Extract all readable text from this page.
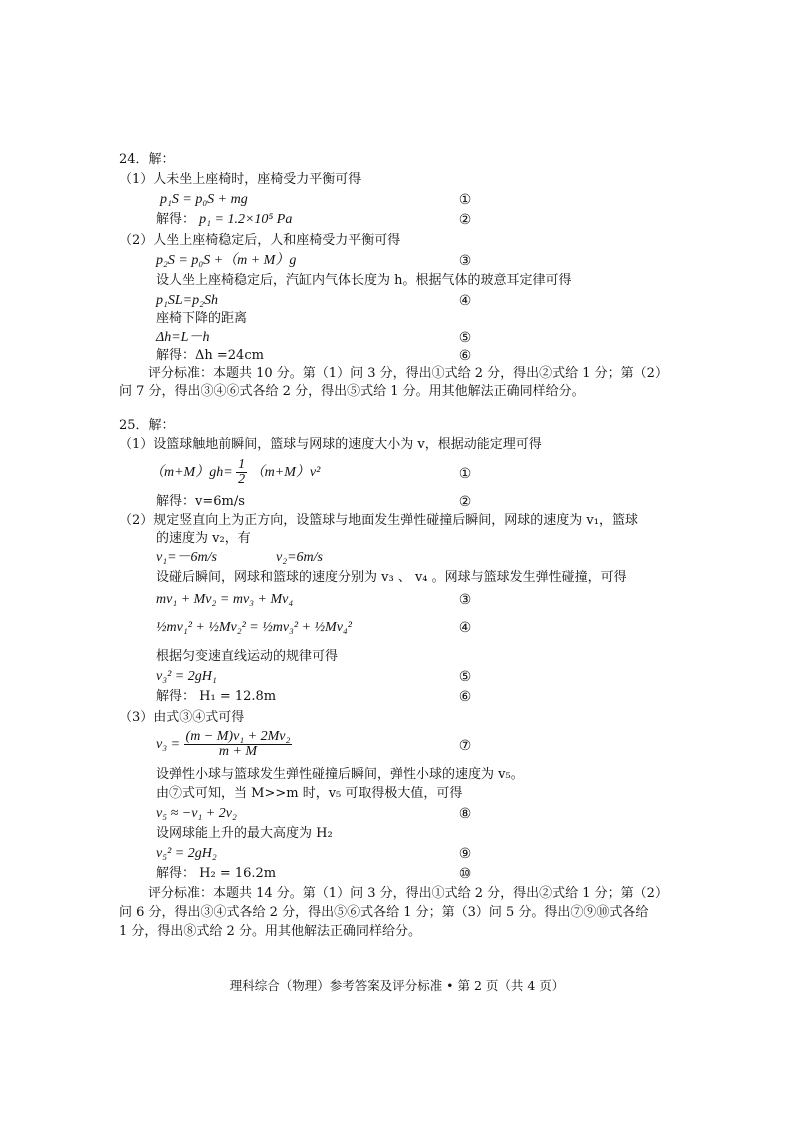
24．解：
（1）人未坐上座椅时，座椅受力平衡可得
p₁S = p₀S + mg	①
解得： p₁ = 1.2×10⁵ Pa	②
（2）人坐上座椅稳定后，人和座椅受力平衡可得
p₂S = p₀S +（m + M）g	③
设人坐上座椅稳定后，汽缸内气体长度为 h。根据气体的玻意耳定律可得
p₁SL=p₂Sh	④
座椅下降的距离
Δh=L－h	⑤
解得：Δh =24cm	⑥
评分标准：本题共 10 分。第（1）问 3 分，得出①式给 2 分，得出②式给 1 分；第（2）
问 7 分，得出③④⑥式各给 2 分，得出⑤式给 1 分。用其他解法正确同样给分。
25．解：
（1）设篮球触地前瞬间，篮球与网球的速度大小为 v，根据动能定理可得
$(m+M)gh= \frac{1}{2} (m+M)v^2$	①
解得：v=6m/s	②
（2）规定竖直向上为正方向，设篮球与地面发生弹性碰撞后瞬间，网球的速度为 v₁，篮球
的速度为 v₂，有
v₁=－6m/s	v₂=6m/s
设碰后瞬间，网球和篮球的速度分别为 v₃ 、 v₄ 。网球与篮球发生弹性碰撞，可得
mv₁ + Mv₂ = mv₃ + Mv₄	③
½mv₁² + ½Mv₂² = ½mv₃² + ½Mv₄²	④
根据匀变速直线运动的规律可得
v₃² = 2gH₁	⑤
解得： H₁ = 12.8m	⑥
（3）由式③④式可得
$v_3 = \frac{\text{(m − M)v₁ + 2Mv₂}}{m + M}$	⑦
设弹性小球与篮球发生弹性碰撞后瞬间，弹性小球的速度为 v₅。
由⑦式可知，当 M>>m 时，v₅ 可取得极大值，可得
v₅ ≈ −v₁ + 2v₂	⑧
设网球能上升的最大高度为 H₂
v₅² = 2gH₂	⑨
解得： H₂ = 16.2m	⑩
评分标准：本题共 14 分。第（1）问 3 分，得出①式给 2 分，得出②式给 1 分；第（2）
问 6 分，得出③④式各给 2 分，得出⑤⑥式各给 1 分；第（3）问 5 分。得出⑦⑨⑩式各给
1 分，得出⑧式给 2 分。用其他解法正确同样给分。
理科综合（物理）参考答案及评分标准 • 第 2 页（共 4 页）
